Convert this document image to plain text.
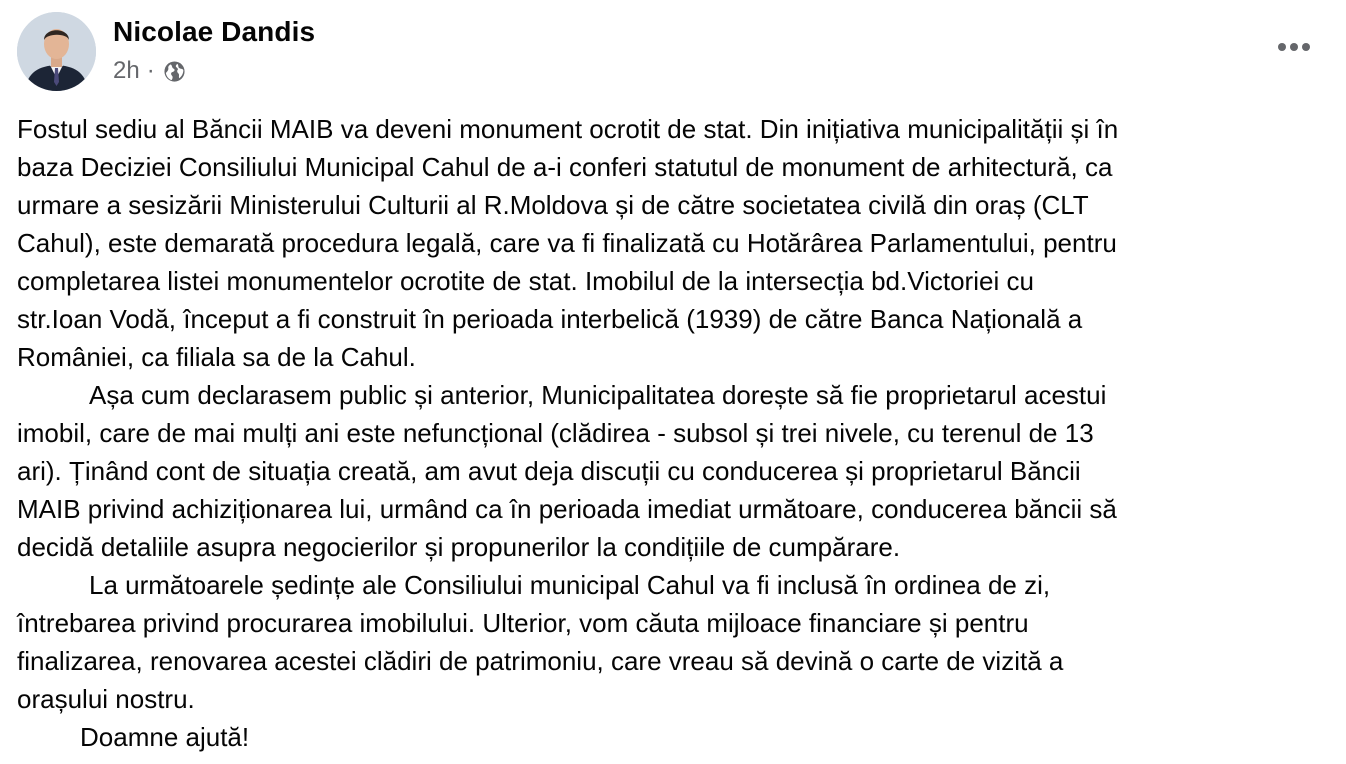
Nicolae Dandis
2h ·

Fostul sediu al Băncii MAIB va deveni monument ocrotit de stat. Din inițiativa municipalității și în

baza Deciziei Consiliului Municipal Cahul de a-i conferi statutul de monument de arhitectură, ca

urmare a sesizării Ministerului Culturii al R.Moldova și de către societatea civilă din oraș (CLT

Cahul), este demarată procedura legală, care va fi finalizată cu Hotărârea Parlamentului, pentru

completarea listei monumentelor ocrotite de stat. Imobilul de la intersecția bd.Victoriei cu

str.Ioan Vodă, început a fi construit în perioada interbelică (1939) de către Banca Națională a

României, ca filiala sa de la Cahul.

Așa cum declarasem public și anterior, Municipalitatea dorește să fie proprietarul acestui

imobil, care de mai mulți ani este nefuncțional (clădirea - subsol și trei nivele, cu terenul de 13

ari). Ținând cont de situația creată, am avut deja discuții cu conducerea și proprietarul Băncii

MAIB privind achiziționarea lui, urmând ca în perioada imediat următoare, conducerea băncii să

decidă detaliile asupra negocierilor și propunerilor la condițiile de cumpărare.

La următoarele ședințe ale Consiliului municipal Cahul va fi inclusă în ordinea de zi,

întrebarea privind procurarea imobilului. Ulterior, vom căuta mijloace financiare și pentru

finalizarea, renovarea acestei clădiri de patrimoniu, care vreau să devină o carte de vizită a

orașului nostru.

Doamne ajută!
